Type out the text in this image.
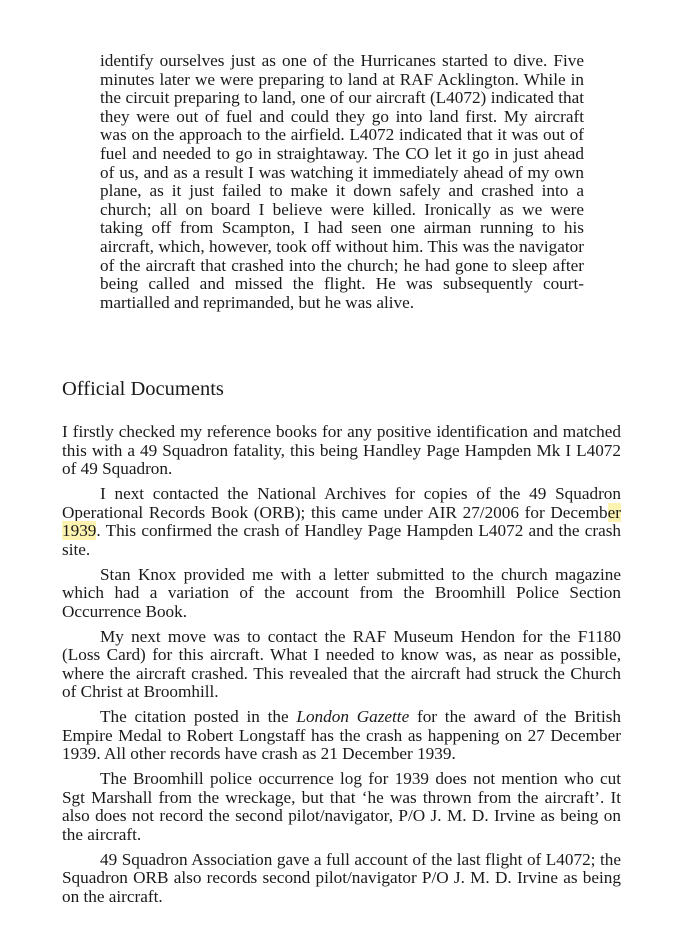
identify ourselves just as one of the Hurricanes started to dive. Five minutes later we were preparing to land at RAF Acklington. While in the circuit preparing to land, one of our aircraft (L4072) indicated that they were out of fuel and could they go into land first. My aircraft was on the approach to the airfield. L4072 indicated that it was out of fuel and needed to go in straightaway. The CO let it go in just ahead of us, and as a result I was watching it immediately ahead of my own plane, as it just failed to make it down safely and crashed into a church; all on board I believe were killed. Ironically as we were taking off from Scampton, I had seen one airman running to his aircraft, which, however, took off without him. This was the navigator of the aircraft that crashed into the church; he had gone to sleep after being called and missed the flight. He was subsequently court-martialled and reprimanded, but he was alive.

Official Documents

I firstly checked my reference books for any positive identification and matched this with a 49 Squadron fatality, this being Handley Page Hampden Mk I L4072 of 49 Squadron.

I next contacted the National Archives for copies of the 49 Squadron Operational Records Book (ORB); this came under AIR 27/2006 for December 1939. This confirmed the crash of Handley Page Hampden L4072 and the crash site.

Stan Knox provided me with a letter submitted to the church magazine which had a variation of the account from the Broomhill Police Section Occurrence Book.

My next move was to contact the RAF Museum Hendon for the F1180 (Loss Card) for this aircraft. What I needed to know was, as near as possible, where the aircraft crashed. This revealed that the aircraft had struck the Church of Christ at Broomhill.

The citation posted in the London Gazette for the award of the British Empire Medal to Robert Longstaff has the crash as happening on 27 December 1939. All other records have crash as 21 December 1939.

The Broomhill police occurrence log for 1939 does not mention who cut Sgt Marshall from the wreckage, but that ‘he was thrown from the aircraft’. It also does not record the second pilot/navigator, P/O J. M. D. Irvine as being on the aircraft.

49 Squadron Association gave a full account of the last flight of L4072; the Squadron ORB also records second pilot/navigator P/O J. M. D. Irvine as being on the aircraft.
